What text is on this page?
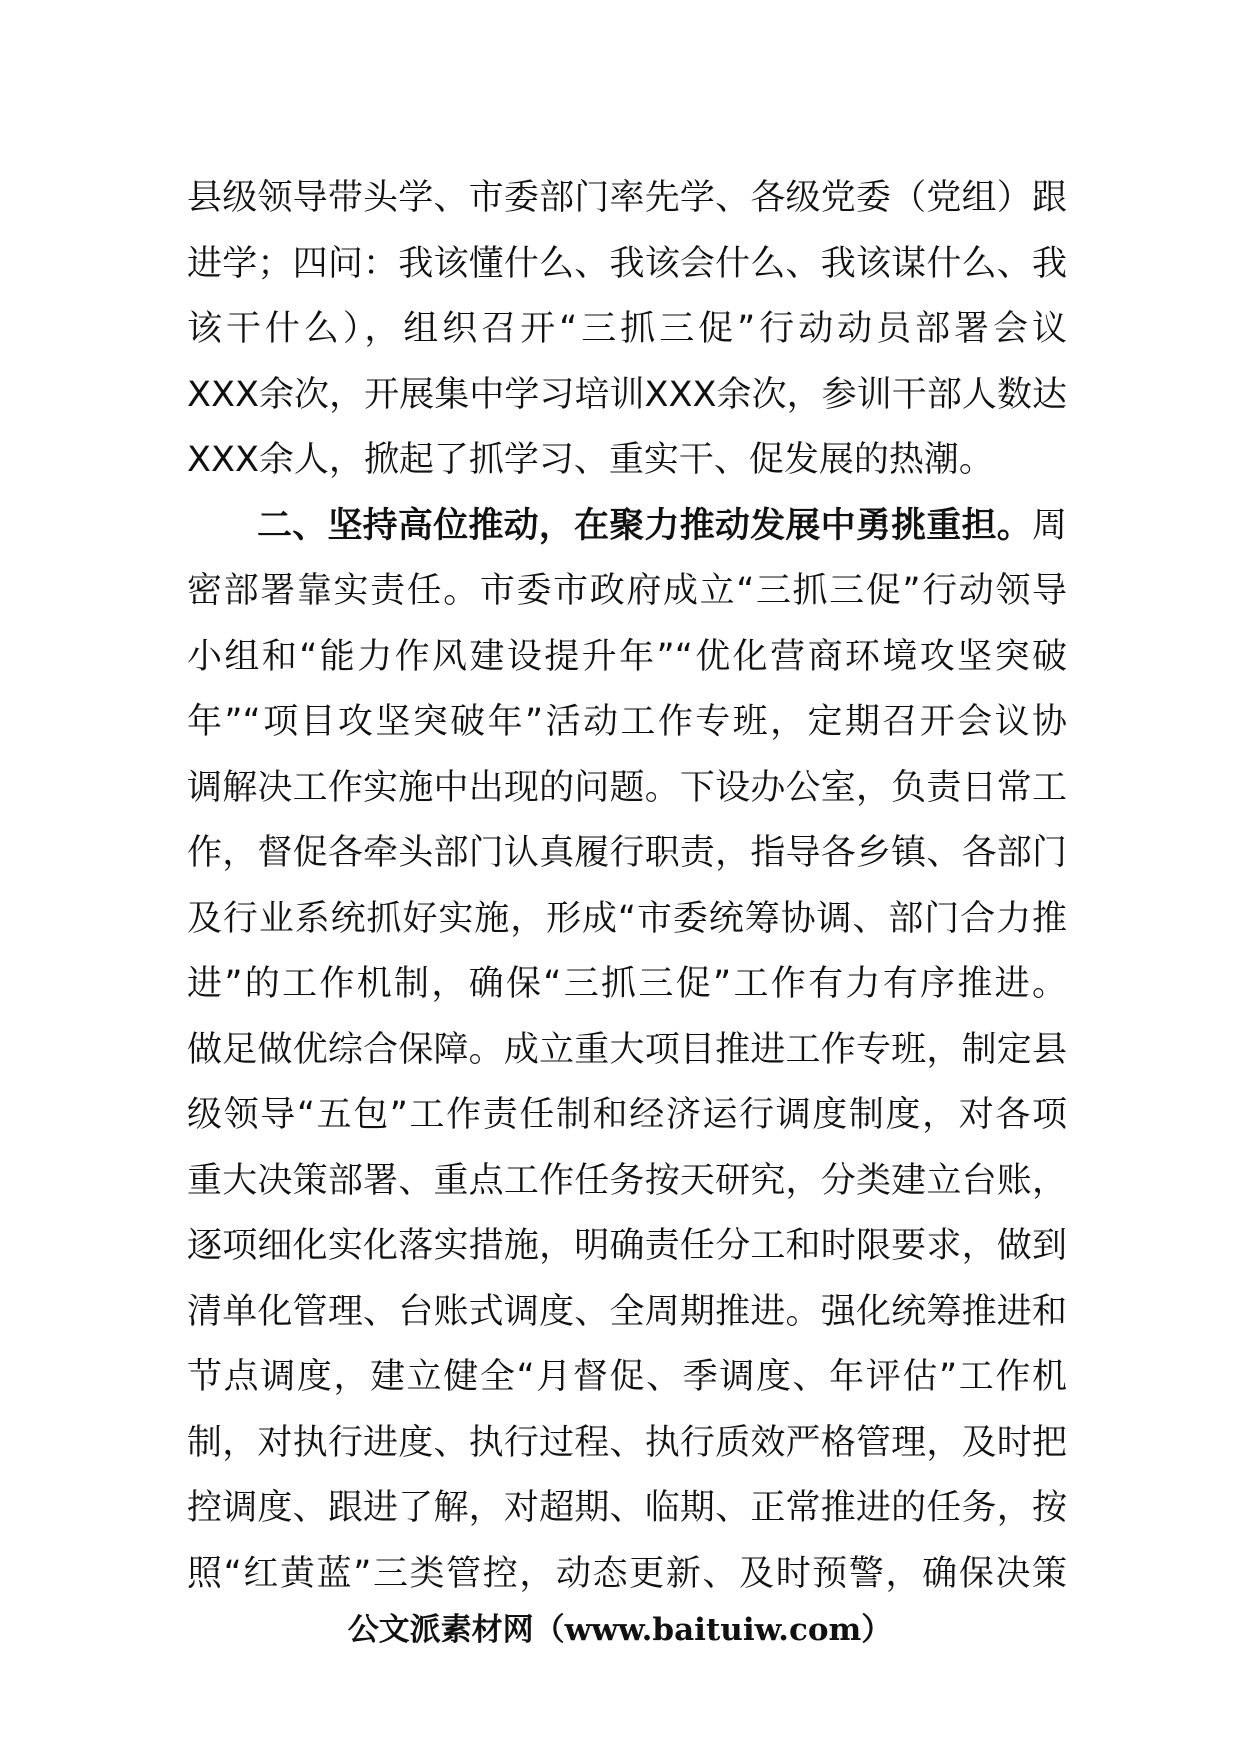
县级领导带头学、市委部门率先学、各级党委（党组）跟
进学；四问：我该懂什么、我该会什么、我该谋什么、我
该干什么），组织召开“三抓三促”行动动员部署会议
XXX余次，开展集中学习培训XXX余次，参训干部人数达
XXX余人，掀起了抓学习、重实干、促发展的热潮。
二、坚持高位推动，在聚力推动发展中勇挑重担。周
密部署靠实责任。市委市政府成立“三抓三促”行动领导
小组和“能力作风建设提升年”“优化营商环境攻坚突破
年”“项目攻坚突破年”活动工作专班，定期召开会议协
调解决工作实施中出现的问题。下设办公室，负责日常工
作，督促各牵头部门认真履行职责，指导各乡镇、各部门
及行业系统抓好实施，形成“市委统筹协调、部门合力推
进”的工作机制，确保“三抓三促”工作有力有序推进。
做足做优综合保障。成立重大项目推进工作专班，制定县
级领导“五包”工作责任制和经济运行调度制度，对各项
重大决策部署、重点工作任务按天研究，分类建立台账，
逐项细化实化落实措施，明确责任分工和时限要求，做到
清单化管理、台账式调度、全周期推进。强化统筹推进和
节点调度，建立健全“月督促、季调度、年评估”工作机
制，对执行进度、执行过程、执行质效严格管理，及时把
控调度、跟进了解，对超期、临期、正常推进的任务，按
照“红黄蓝”三类管控，动态更新、及时预警，确保决策
公文派素材网（www.baituiw.com）
